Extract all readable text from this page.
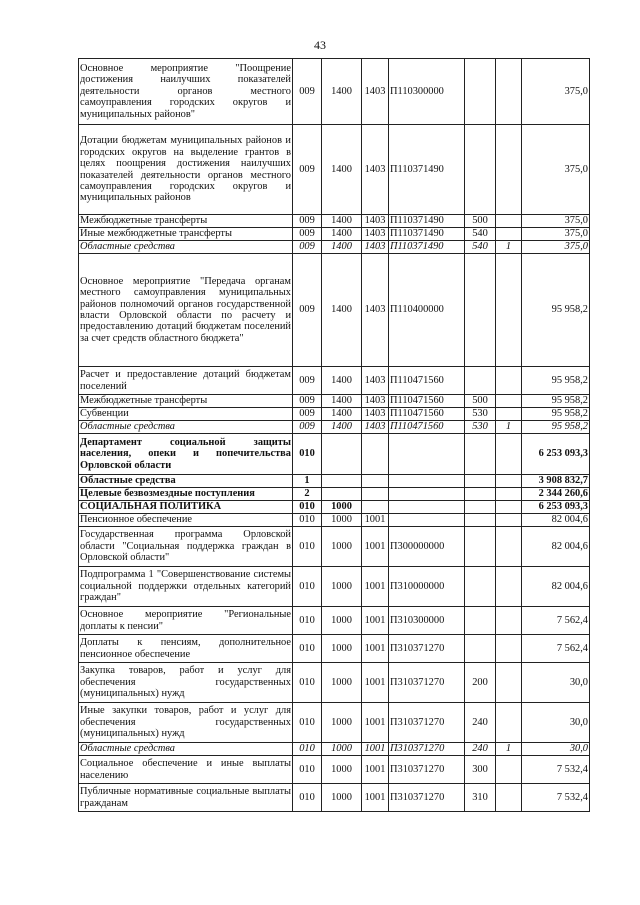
43
Основное мероприятие "Поощрение достижения наилучших показателей деятельности органов местного самоуправления городских округов и муниципальных районов"	009	1400	1403	П110300000			375,0
Дотации бюджетам муниципальных районов и городских округов на выделение грантов в целях поощрения достижения наилучших показателей деятельности органов местного самоуправления городских округов и муниципальных районов	009	1400	1403	П110371490			375,0
Межбюджетные трансферты	009	1400	1403	П110371490	500		375,0
Иные межбюджетные трансферты	009	1400	1403	П110371490	540		375,0
Областные средства	009	1400	1403	П110371490	540	1	375,0
Основное мероприятие "Передача органам местного самоуправления муниципальных районов полномочий органов государственной власти Орловской области по расчету и предоставлению дотаций бюджетам поселений за счет средств областного бюджета"	009	1400	1403	П110400000			95 958,2
Расчет и предоставление дотаций бюджетам поселений	009	1400	1403	П110471560			95 958,2
Межбюджетные трансферты	009	1400	1403	П110471560	500		95 958,2
Субвенции	009	1400	1403	П110471560	530		95 958,2
Областные средства	009	1400	1403	П110471560	530	1	95 958,2
Департамент социальной защиты населения, опеки и попечительства Орловской области	010						6 253 093,3
Областные средства	1						3 908 832,7
Целевые безвозмездные поступления	2						2 344 260,6
СОЦИАЛЬНАЯ ПОЛИТИКА	010	1000					6 253 093,3
Пенсионное обеспечение	010	1000	1001				82 004,6
Государственная программа Орловской области "Социальная поддержка граждан в Орловской области"	010	1000	1001	П300000000			82 004,6
Подпрограмма 1 "Совершенствование системы социальной поддержки отдельных категорий граждан"	010	1000	1001	П310000000			82 004,6
Основное мероприятие "Региональные доплаты к пенсии"	010	1000	1001	П310300000			7 562,4
Доплаты к пенсиям, дополнительное пенсионное обеспечение	010	1000	1001	П310371270			7 562,4
Закупка товаров, работ и услуг для обеспечения государственных (муниципальных) нужд	010	1000	1001	П310371270	200		30,0
Иные закупки товаров, работ и услуг для обеспечения государственных (муниципальных) нужд	010	1000	1001	П310371270	240		30,0
Областные средства	010	1000	1001	П310371270	240	1	30,0
Социальное обеспечение и иные выплаты населению	010	1000	1001	П310371270	300		7 532,4
Публичные нормативные социальные выплаты гражданам	010	1000	1001	П310371270	310		7 532,4
